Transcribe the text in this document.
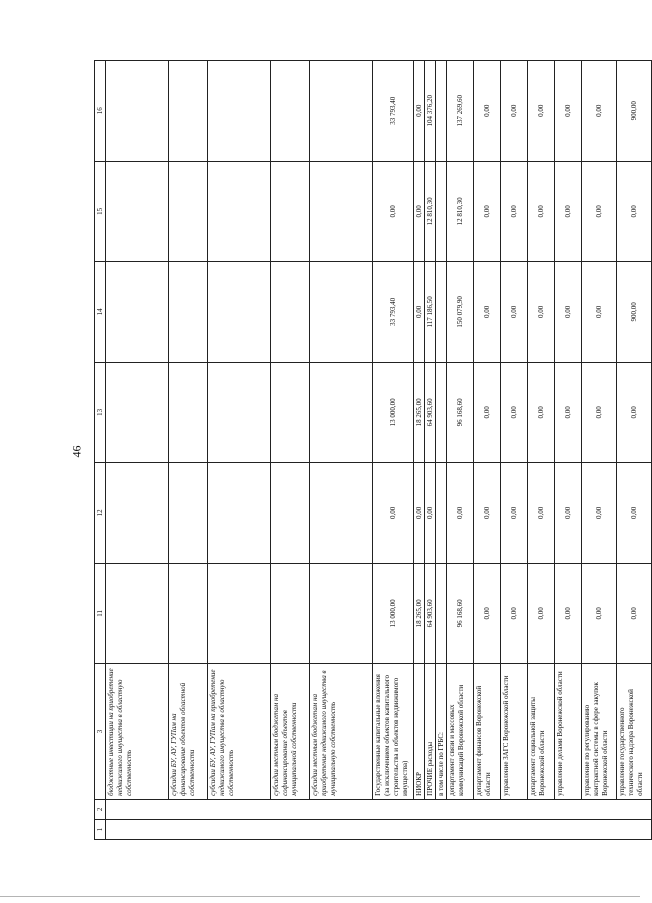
46
1	2	3	11	12	13	14	15	16
		бюджетные инвестиции на приобретение недвижимого имущества в областную собственность						
		субсидии БУ, АУ, ГУПам на финансирование объектов областной собственности						
		субсидии БУ, АУ, ГУПам на приобретение недвижимого имущества в областную собственность						
		субсидии местным бюджетам на софинансирование объектов муниципальной собственности						
		субсидии местным бюджетам на приобретение недвижимого имущества в муниципальную собственность						
		Государственные капитальные вложения (за исключением объектов капитального строительства и объектов недвижимого имущества)	13 000,00	0,00	13 000,00	33 793,40	0,00	33 793,40
		НИОКР	18 265,00	0,00	18 265,00	0,00	0,00	0,00
		ПРОЧИЕ расходы	64 903,60	0,00	64 903,60	117 186,50	12 810,30	104 376,20
		в том числе по ГРБС:						
		департамент связи и массовых коммуникаций Воронежской области	96 168,60	0,00	96 168,60	150 079,90	12 810,30	137 269,60
		департамент финансов Воронежской области	0,00	0,00	0,00	0,00	0,00	0,00
		управление ЗАГС Воронежской области	0,00	0,00	0,00	0,00	0,00	0,00
		департамент социальной защиты Воронежской области	0,00	0,00	0,00	0,00	0,00	0,00
		управление делами Воронежской области	0,00	0,00	0,00	0,00	0,00	0,00
		управление по регулированию контрактной системы в сфере закупок Воронежской области	0,00	0,00	0,00	0,00	0,00	0,00
		управление государственного технического надзора Воронежской области	0,00	0,00	0,00	900,00	0,00	900,00
